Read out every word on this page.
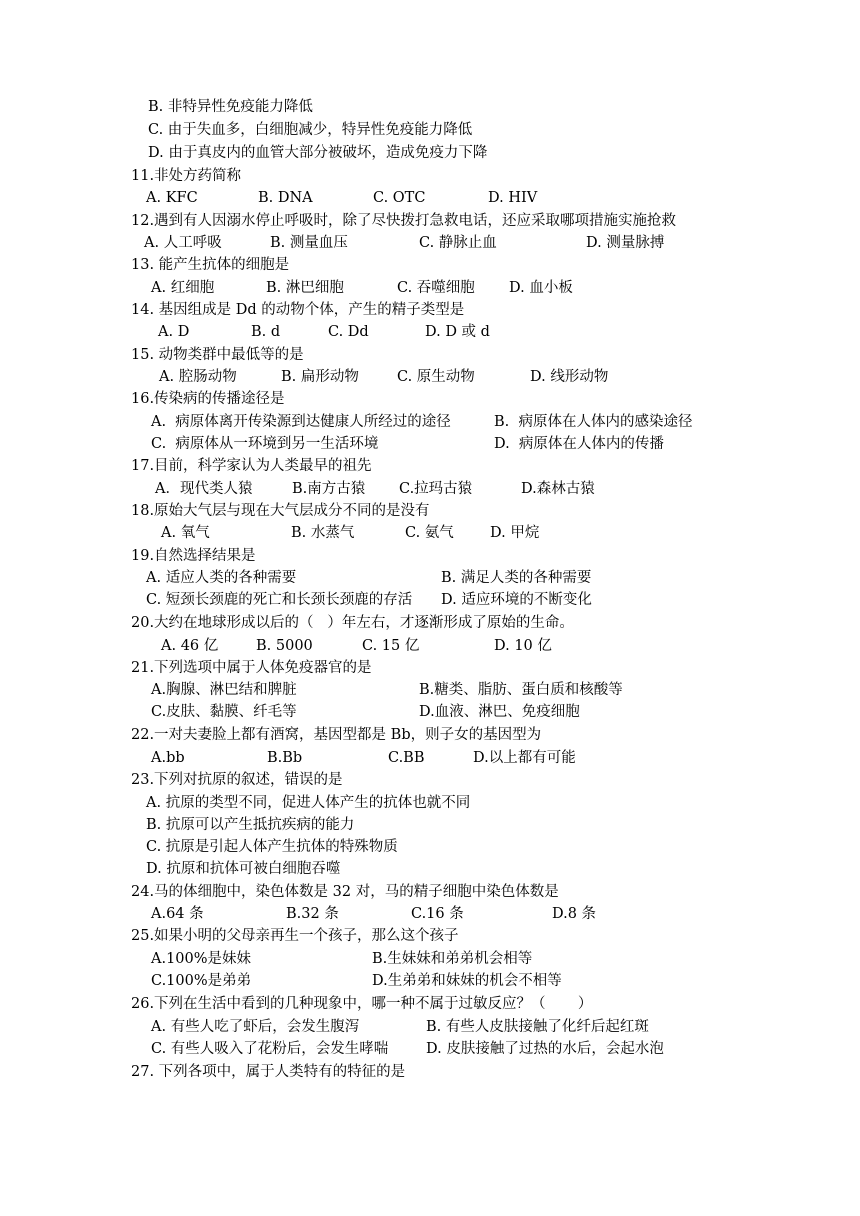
B. 非特异性免疫能力降低
C. 由于失血多，白细胞减少，特异性免疫能力降低
D. 由于真皮内的血管大部分被破坏，造成免疫力下降
11.非处方药简称
A. KFC	B. DNA	C. OTC	D. HIV
12.遇到有人因溺水停止呼吸时，除了尽快拨打急救电话，还应采取哪项措施实施抢救
A. 人工呼吸	B. 测量血压	C. 静脉止血	D. 测量脉搏
13. 能产生抗体的细胞是
A. 红细胞	B. 淋巴细胞	C. 吞噬细胞 D. 血小板
14. 基因组成是 Dd 的动物个体，产生的精子类型是
A. D	B. d	C. Dd	D. D 或 d
15. 动物类群中最低等的是
A. 腔肠动物	B. 扁形动物	C. 原生动物	D. 线形动物
16.传染病的传播途径是
A.  病原体离开传染源到达健康人所经过的途径	B.  病原体在人体内的感染途径
C.  病原体从一环境到另一生活环境	D.  病原体在人体内的传播
17.目前，科学家认为人类最早的祖先
A．现代类人猿	B.南方古猿 C.拉玛古猿	D.森林古猿
18.原始大气层与现在大气层成分不同的是没有
A. 氧气	B. 水蒸气	C. 氨气 D. 甲烷
19.自然选择结果是
A. 适应人类的各种需要	B. 满足人类的各种需要
C. 短颈长颈鹿的死亡和长颈长颈鹿的存活 D. 适应环境的不断变化
20.大约在地球形成以后的（   ）年左右，才逐渐形成了原始的生命。
A. 46 亿	B. 5000	C. 15 亿	D. 10 亿
21.下列选项中属于人体免疫器官的是
A.胸腺、淋巴结和脾脏	B.糖类、脂肪、蛋白质和核酸等
C.皮肤、黏膜、纤毛等	D.血液、淋巴、免疫细胞
22.一对夫妻脸上都有酒窝，基因型都是 Bb，则子女的基因型为
A.bb	B.Bb	C.BB	D.以上都有可能
23.下列对抗原的叙述，错误的是
A. 抗原的类型不同，促进人体产生的抗体也就不同
B. 抗原可以产生抵抗疾病的能力
C. 抗原是引起人体产生抗体的特殊物质
D. 抗原和抗体可被白细胞吞噬
24.马的体细胞中，染色体数是 32 对，马的精子细胞中染色体数是
A.64 条	B.32 条	C.16 条	D.8 条
25.如果小明的父母亲再生一个孩子，那么这个孩子
A.100%是妹妹	B.生妹妹和弟弟机会相等
C.100%是弟弟	D.生弟弟和妹妹的机会不相等
26.下列在生活中看到的几种现象中，哪一种不属于过敏反应？（       ）
A. 有些人吃了虾后，会发生腹泻	B. 有些人皮肤接触了化纤后起红斑
C. 有些人吸入了花粉后，会发生哮喘	D. 皮肤接触了过热的水后，会起水泡
27. 下列各项中，属于人类特有的特征的是
